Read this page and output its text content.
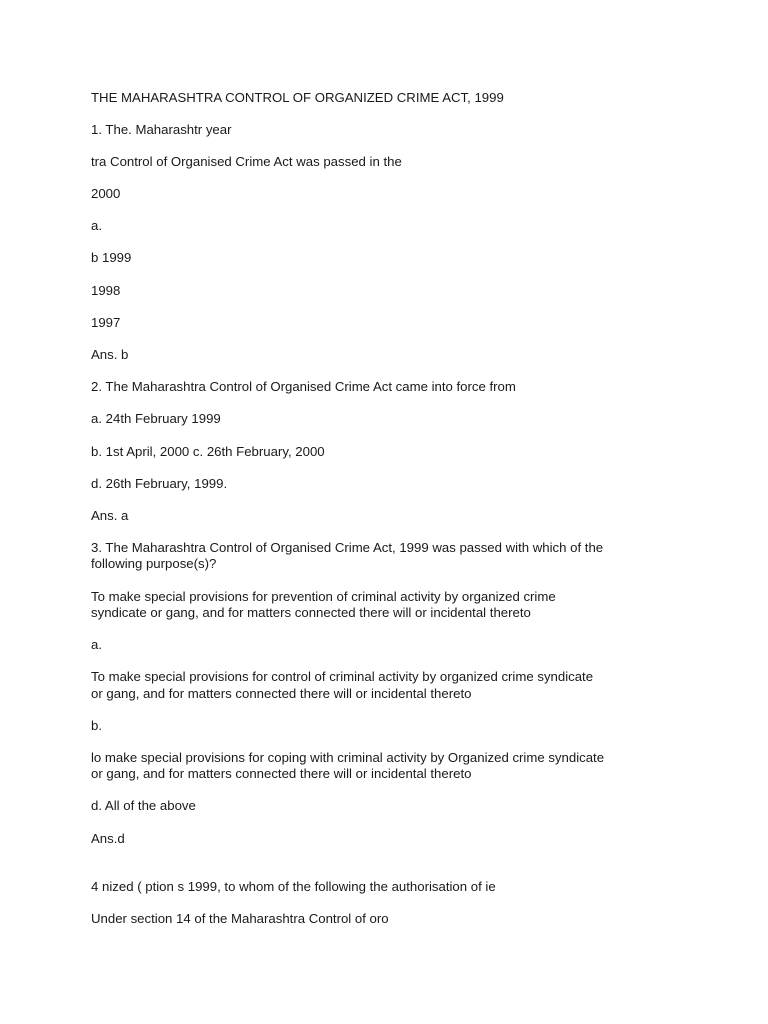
THE MAHARASHTRA CONTROL OF ORGANIZED CRIME ACT, 1999
1. The. Maharashtr year
tra Control of Organised Crime Act was passed in the
2000
a.
b 1999
1998
1997
Ans. b
2. The Maharashtra Control of Organised Crime Act came into force from
a. 24th February 1999
b. 1st April, 2000 c. 26th February, 2000
d. 26th February, 1999.
Ans. a
3. The Maharashtra Control of Organised Crime Act, 1999 was passed with which of the
following purpose(s)?
To make special provisions for prevention of criminal activity by organized crime
syndicate or gang, and for matters connected there will or incidental thereto
a.
To make special provisions for control of criminal activity by organized crime syndicate
or gang, and for matters connected there will or incidental thereto
b.
lo make special provisions for coping with criminal activity by Organized crime syndicate
or gang, and for matters connected there will or incidental thereto
d. All of the above
Ans.d
4 nized ( ption s 1999, to whom of the following the authorisation of ie
Under section 14 of the Maharashtra Control of oro
